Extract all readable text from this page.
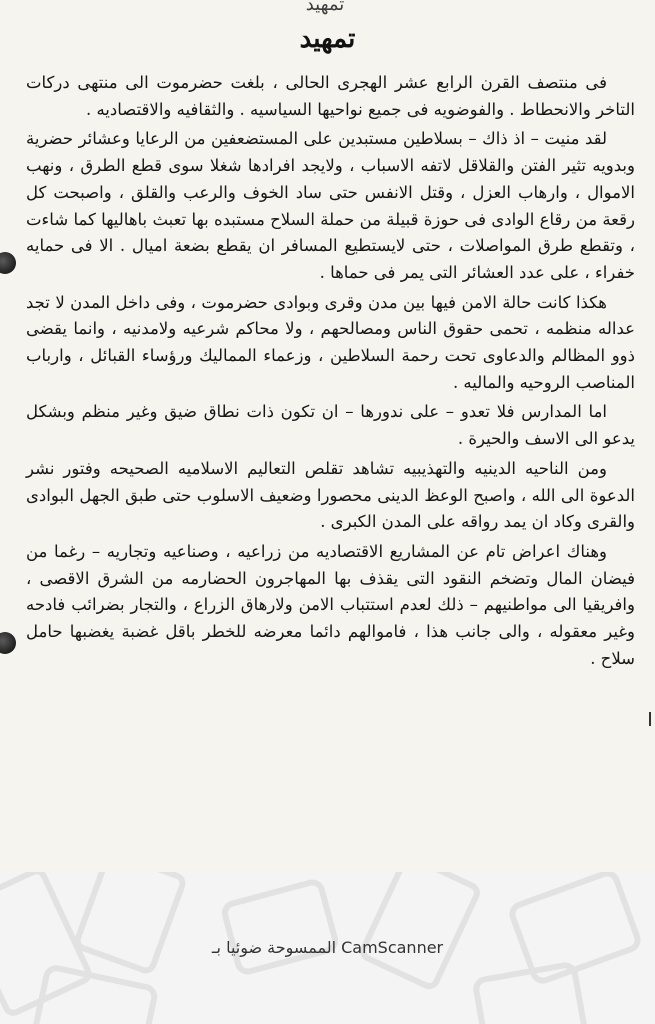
تمهيد
تمهيد

فى منتصف القرن الرابع عشر الهجرى الحالى ، بلغت حضرموت الى منتهى دركات التاخر والانحطاط . والفوضويه فى جميع نواحيها السياسيه . والثقافيه والاقتصاديه .

لقد منيت – اذ ذاك – بسلاطين مستبدين على المستضعفين من الرعايا وعشائر حضرية وبدويه تثير الفتن والقلاقل لاتفه الاسباب ، ولايجد افرادها شغلا سوى قطع الطرق ، ونهب الاموال ، وارهاب العزل ، وقتل الانفس حتى ساد الخوف والرعب والقلق ، واصبحت كل رقعة من رقاع الوادى فى حوزة قبيلة من حملة السلاح مستبده بها تعبث باهاليها كما شاءت ، وتقطع طرق المواصلات ، حتى لايستطيع المسافر ان يقطع بضعة اميال . الا فى حمايه خفراء ، على عدد العشائر التى يمر فى حماها .

هكذا كانت حالة الامن فيها بين مدن وقرى وبوادى حضرموت ، وفى داخل المدن لا تجد عداله منظمه ، تحمى حقوق الناس ومصالحهم ، ولا محاكم شرعيه ولامدنيه ، وانما يقضى ذوو المظالم والدعاوى تحت رحمة السلاطين ، وزعماء المماليك ورؤساء القبائل ، وارباب المناصب الروحيه والماليه .

اما المدارس فلا تعدو – على ندورها – ان تكون ذات نطاق ضيق وغير منظم وبشكل يدعو الى الاسف والحيرة .

ومن الناحيه الدينيه والتهذيبيه تشاهد تقلص التعاليم الاسلاميه الصحيحه وفتور نشر الدعوة الى الله ، واصبح الوعظ الدينى محصورا وضعيف الاسلوب حتى طبق الجهل البوادى والقرى وكاد ان يمد رواقه على المدن الكبرى .

وهناك اعراض تام عن المشاريع الاقتصاديه من زراعيه ، وصناعيه وتجاريه – رغما من فيضان المال وتضخم النقود التى يقذف بها المهاجرون الحضارمه من الشرق الاقصى ، وافريقيا الى مواطنيهم – ذلك لعدم استتباب الامن ولارهاق الزراع ، والتجار بضرائب فادحه وغير معقوله ، والى جانب هذا ، فاموالهم دائما معرضه للخطر باقل غضبة يغضبها حامل سلاح .

الممسوحة ضوئيا بـ CamScanner
